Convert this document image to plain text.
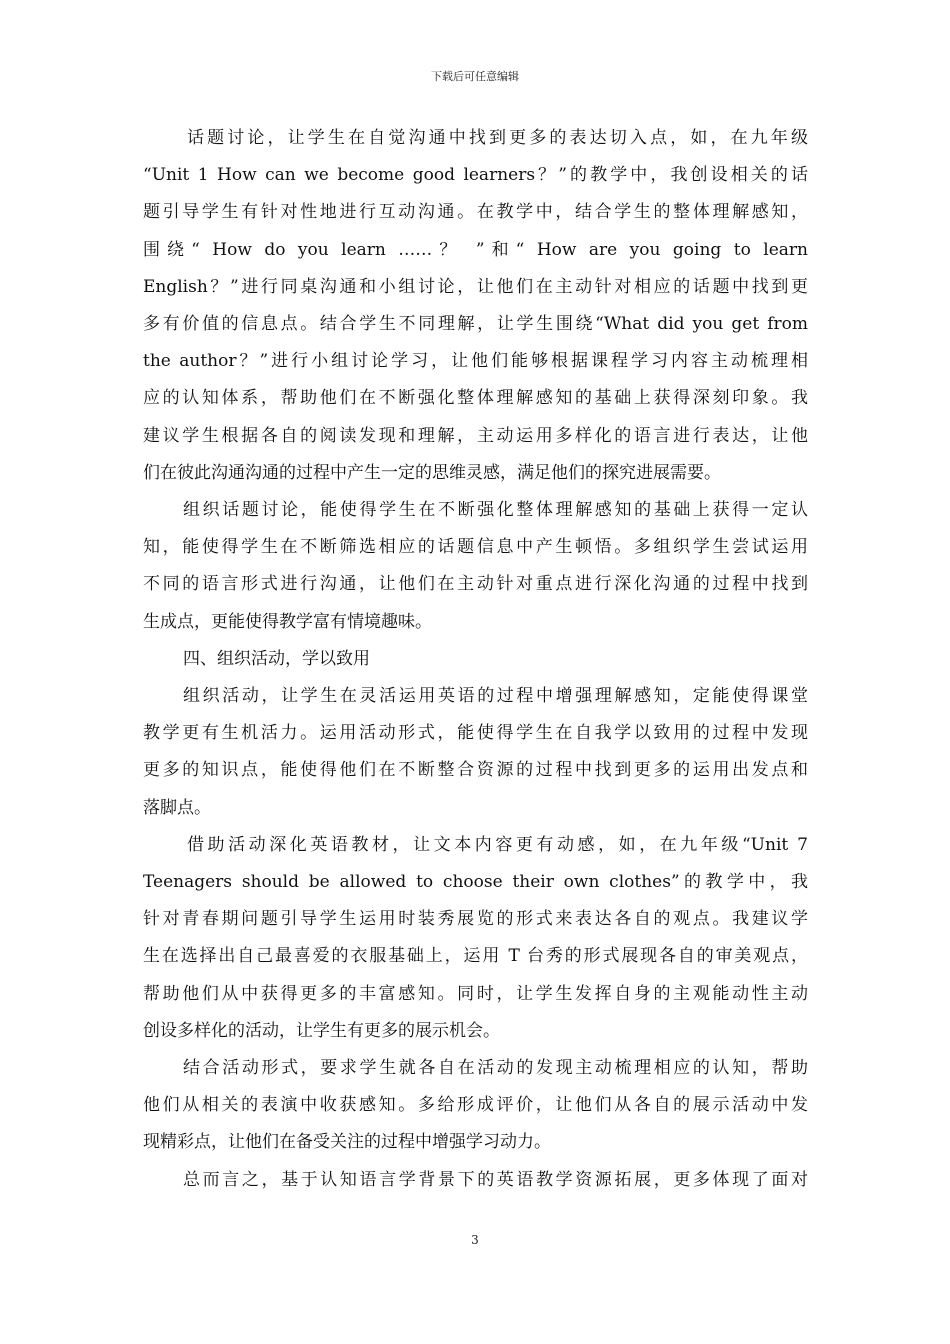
下载后可任意编辑

话题讨论，让学生在自觉沟通中找到更多的表达切入点，如，在九年级
“Unit 1 How can we become good learners？”的教学中，我创设相关的话
题引导学生有针对性地进行互动沟通。在教学中，结合学生的整体理解感知，
围绕“ How do you learn ……？ ”和“ How are you going to learn
English？”进行同桌沟通和小组讨论，让他们在主动针对相应的话题中找到更
多有价值的信息点。结合学生不同理解，让学生围绕“What did you get from
the author？”进行小组讨论学习，让他们能够根据课程学习内容主动梳理相
应的认知体系，帮助他们在不断强化整体理解感知的基础上获得深刻印象。我
建议学生根据各自的阅读发现和理解，主动运用多样化的语言进行表达，让他
们在彼此沟通沟通的过程中产生一定的思维灵感，满足他们的探究进展需要。

组织话题讨论，能使得学生在不断强化整体理解感知的基础上获得一定认
知，能使得学生在不断筛选相应的话题信息中产生顿悟。多组织学生尝试运用
不同的语言形式进行沟通，让他们在主动针对重点进行深化沟通的过程中找到
生成点，更能使得教学富有情境趣味。

四、组织活动，学以致用

组织活动，让学生在灵活运用英语的过程中增强理解感知，定能使得课堂
教学更有生机活力。运用活动形式，能使得学生在自我学以致用的过程中发现
更多的知识点，能使得他们在不断整合资源的过程中找到更多的运用出发点和
落脚点。

借助活动深化英语教材，让文本内容更有动感，如，在九年级“Unit 7
Teenagers should be allowed to choose their own clothes”的教学中，我
针对青春期问题引导学生运用时装秀展览的形式来表达各自的观点。我建议学
生在选择出自己最喜爱的衣服基础上，运用 T 台秀的形式展现各自的审美观点，
帮助他们从中获得更多的丰富感知。同时，让学生发挥自身的主观能动性主动
创设多样化的活动，让学生有更多的展示机会。

结合活动形式，要求学生就各自在活动的发现主动梳理相应的认知，帮助
他们从相关的表演中收获感知。多给形成评价，让他们从各自的展示活动中发
现精彩点，让他们在备受关注的过程中增强学习动力。

总而言之，基于认知语言学背景下的英语教学资源拓展，更多体现了面对

3
